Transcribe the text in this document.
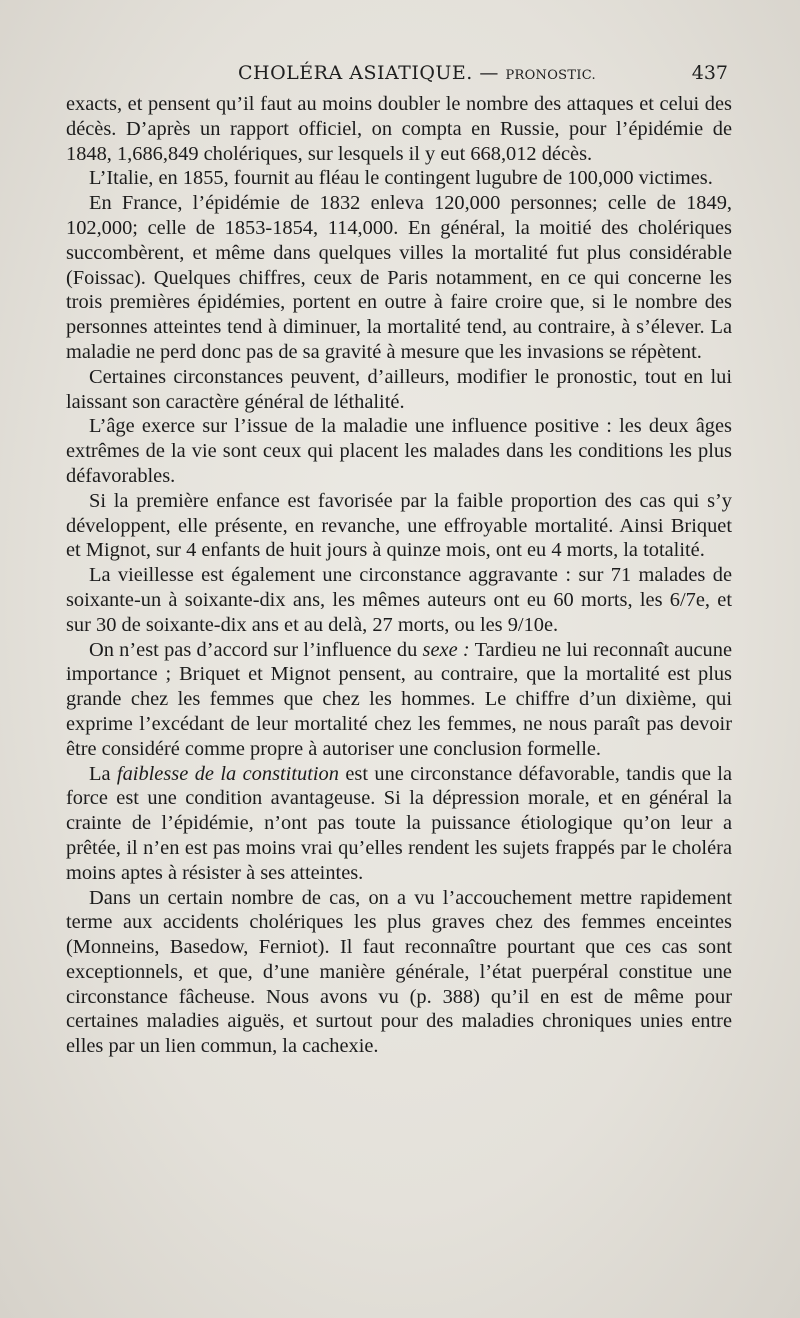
CHOLÉRA ASIATIQUE. — PRONOSTIC.	437

exacts, et pensent qu’il faut au moins doubler le nombre des attaques et celui des décès. D’après un rapport officiel, on compta en Russie, pour l’épidémie de 1848, 1,686,849 cholériques, sur lesquels il y eut 668,012 décès.

L’Italie, en 1855, fournit au fléau le contingent lugubre de 100,000 victimes.

En France, l’épidémie de 1832 enleva 120,000 personnes; celle de 1849, 102,000; celle de 1853-1854, 114,000. En général, la moitié des cholériques succombèrent, et même dans quelques villes la mortalité fut plus considérable (Foissac). Quelques chiffres, ceux de Paris notamment, en ce qui concerne les trois premières épidémies, portent en outre à faire croire que, si le nombre des personnes atteintes tend à diminuer, la mortalité tend, au contraire, à s’élever. La maladie ne perd donc pas de sa gravité à mesure que les invasions se répètent.

Certaines circonstances peuvent, d’ailleurs, modifier le pronostic, tout en lui laissant son caractère général de léthalité.

L’âge exerce sur l’issue de la maladie une influence positive : les deux âges extrêmes de la vie sont ceux qui placent les malades dans les conditions les plus défavorables.

Si la première enfance est favorisée par la faible proportion des cas qui s’y développent, elle présente, en revanche, une effroyable mortalité. Ainsi Briquet et Mignot, sur 4 enfants de huit jours à quinze mois, ont eu 4 morts, la totalité.

La vieillesse est également une circonstance aggravante : sur 71 malades de soixante-un à soixante-dix ans, les mêmes auteurs ont eu 60 morts, les 6/7e, et sur 30 de soixante-dix ans et au delà, 27 morts, ou les 9/10e.

On n’est pas d’accord sur l’influence du sexe : Tardieu ne lui reconnaît aucune importance ; Briquet et Mignot pensent, au contraire, que la mortalité est plus grande chez les femmes que chez les hommes. Le chiffre d’un dixième, qui exprime l’excédant de leur mortalité chez les femmes, ne nous paraît pas devoir être considéré comme propre à autoriser une conclusion formelle.

La faiblesse de la constitution est une circonstance défavorable, tandis que la force est une condition avantageuse. Si la dépression morale, et en général la crainte de l’épidémie, n’ont pas toute la puissance étiologique qu’on leur a prêtée, il n’en est pas moins vrai qu’elles rendent les sujets frappés par le choléra moins aptes à résister à ses atteintes.

Dans un certain nombre de cas, on a vu l’accouchement mettre rapidement terme aux accidents cholériques les plus graves chez des femmes enceintes (Monneins, Basedow, Ferniot). Il faut reconnaître pourtant que ces cas sont exceptionnels, et que, d’une manière générale, l’état puerpéral constitue une circonstance fâcheuse. Nous avons vu (p. 388) qu’il en est de même pour certaines maladies aiguës, et surtout pour des maladies chroniques unies entre elles par un lien commun, la cachexie.
